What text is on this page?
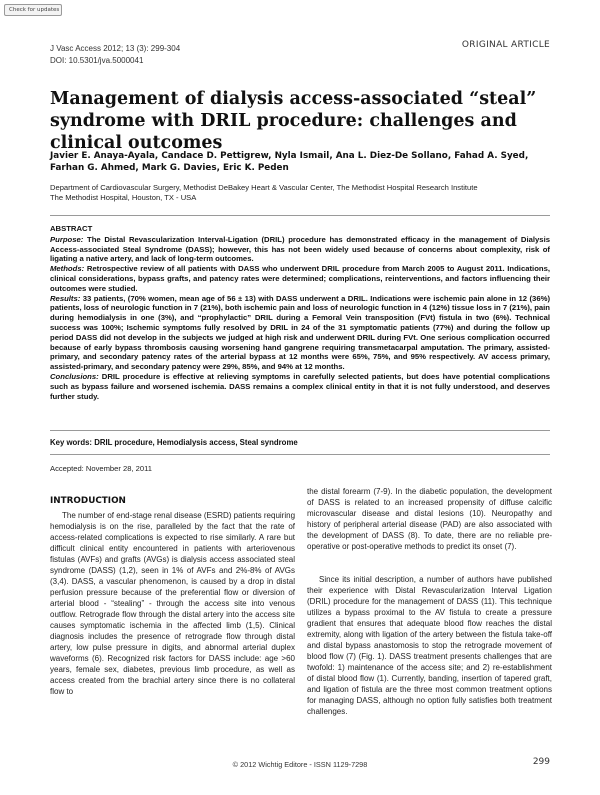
Check for updates
J Vasc Access 2012; 13 (3): 299-304
DOI: 10.5301/jva.5000041
ORIGINAL ARTICLE
Management of dialysis access-associated “steal” syndrome with DRIL procedure: challenges and clinical outcomes
Javier E. Anaya-Ayala, Candace D. Pettigrew, Nyla Ismail, Ana L. Diez-De Sollano, Fahad A. Syed,
Farhan G. Ahmed, Mark G. Davies, Eric K. Peden
Department of Cardiovascular Surgery, Methodist DeBakey Heart & Vascular Center, The Methodist Hospital Research Institute
The Methodist Hospital, Houston, TX - USA
ABSTRACT

Purpose: The Distal Revascularization Interval-Ligation (DRIL) procedure has demonstrated efficacy in the management of Dialysis Access-associated Steal Syndrome (DASS); however, this has not been widely used because of concerns about complexity, risk of ligating a native artery, and lack of long-term outcomes.

Methods: Retrospective review of all patients with DASS who underwent DRIL procedure from March 2005 to August 2011. Indications, clinical considerations, bypass grafts, and patency rates were determined; complications, reinterventions, and factors influencing their outcomes were studied.

Results: 33 patients, (70% women, mean age of 56 ± 13) with DASS underwent a DRIL. Indications were ischemic pain alone in 12 (36%) patients, loss of neurologic function in 7 (21%), both ischemic pain and loss of neurologic function in 4 (12%) tissue loss in 7 (21%), pain during hemodialysis in one (3%), and “prophylactic” DRIL during a Femoral Vein transposition (FVt) fistula in two (6%). Technical success was 100%; Ischemic symptoms fully resolved by DRIL in 24 of the 31 symptomatic patients (77%) and during the follow up period DASS did not develop in the subjects we judged at high risk and underwent DRIL during FVt. One serious complication occurred because of early bypass thrombosis causing worsening hand gangrene requiring transmetacarpal amputation. The primary, assisted-primary, and secondary patency rates of the arterial bypass at 12 months were 65%, 75%, and 95% respectively. AV access primary, assisted-primary, and secondary patency were 29%, 85%, and 94% at 12 months.

Conclusions: DRIL procedure is effective at relieving symptoms in carefully selected patients, but does have potential complications such as bypass failure and worsened ischemia. DASS remains a complex clinical entity in that it is not fully understood, and deserves further study.

Key words: DRIL procedure, Hemodialysis access, Steal syndrome
Accepted: November 28, 2011
INTRODUCTION
The number of end-stage renal disease (ESRD) patients requiring hemodialysis is on the rise, paralleled by the fact that the rate of access-related complications is expected to rise similarly. A rare but difficult clinical entity encountered in patients with arteriovenous fistulas (AVFs) and grafts (AVGs) is dialysis access associated steal syndrome (DASS) (1,2), seen in 1% of AVFs and 2%-8% of AVGs (3,4). DASS, a vascular phenomenon, is caused by a drop in distal perfusion pressure because of the preferential flow or diversion of arterial blood - “stealing” - through the access site into venous outflow. Retrograde flow through the distal artery into the access site causes symptomatic ischemia in the affected limb (1,5). Clinical diagnosis includes the presence of retrograde flow through distal artery, low pulse pressure in digits, and abnormal arterial duplex waveforms (6). Recognized risk factors for DASS include: age >60 years, female sex, diabetes, previous limb procedure, as well as access created from the brachial artery since there is no collateral flow to
the distal forearm (7-9). In the diabetic population, the development of DASS is related to an increased propensity of diffuse calcific microvascular disease and distal lesions (10). Neuropathy and history of peripheral arterial disease (PAD) are also associated with the development of DASS (8). To date, there are no reliable pre-operative or post-operative methods to predict its onset (7).
Since its initial description, a number of authors have published their experience with Distal Revascularization Interval Ligation (DRIL) procedure for the management of DASS (11). This technique utilizes a bypass proximal to the AV fistula to create a pressure gradient that ensures that adequate blood flow reaches the distal extremity, along with ligation of the artery between the fistula take-off and distal bypass anastomosis to stop the retrograde movement of blood flow (7) (Fig. 1). DASS treatment presents challenges that are twofold: 1) maintenance of the access site; and 2) re-establishment of distal blood flow (1). Currently, banding, insertion of tapered graft, and ligation of fistula are the three most common treatment options for managing DASS, although no option fully satisfies both treatment challenges.
© 2012 Wichtig Editore - ISSN 1129-7298	299
